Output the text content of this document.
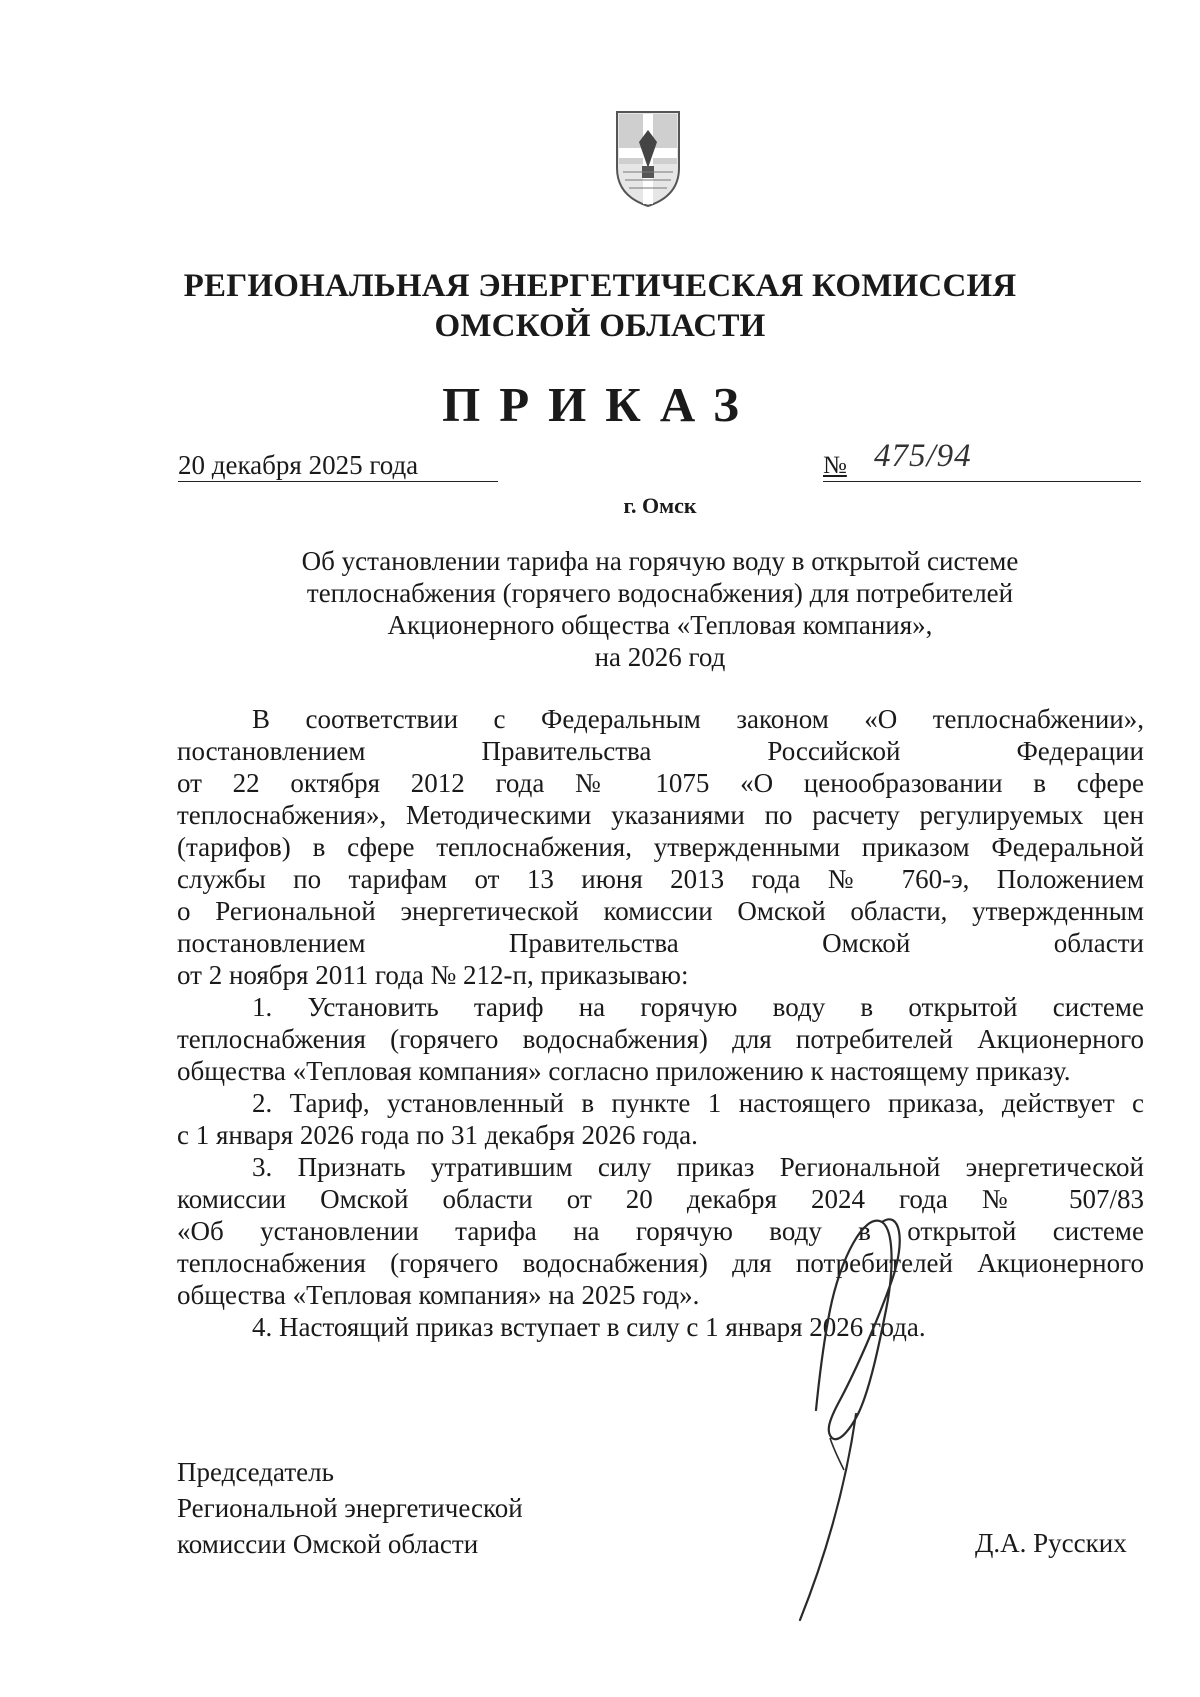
РЕГИОНАЛЬНАЯ ЭНЕРГЕТИЧЕСКАЯ КОМИССИЯ
ОМСКОЙ ОБЛАСТИ
ПРИКАЗ
20 декабря 2025 года	№ 475/94
г. Омск
Об установлении тарифа на горячую воду в открытой системе
теплоснабжения (горячего водоснабжения) для потребителей
Акционерного общества «Тепловая компания»,
на 2026 год
В соответствии с Федеральным законом «О теплоснабжении»,
постановлением Правительства Российской Федерации
от 22 октября 2012 года № 1075 «О ценообразовании в сфере
теплоснабжения», Методическими указаниями по расчету регулируемых цен
(тарифов) в сфере теплоснабжения, утвержденными приказом Федеральной
службы по тарифам от 13 июня 2013 года № 760-э, Положением
о Региональной энергетической комиссии Омской области, утвержденным
постановлением Правительства Омской области
от 2 ноября 2011 года № 212-п, приказываю:
1. Установить тариф на горячую воду в открытой системе
теплоснабжения (горячего водоснабжения) для потребителей Акционерного
общества «Тепловая компания» согласно приложению к настоящему приказу.
2. Тариф, установленный в пункте 1 настоящего приказа, действует с
с 1 января 2026 года по 31 декабря 2026 года.
3. Признать утратившим силу приказ Региональной энергетической
комиссии Омской области от 20 декабря 2024 года № 507/83
«Об установлении тарифа на горячую воду в открытой системе
теплоснабжения (горячего водоснабжения) для потребителей Акционерного
общества «Тепловая компания» на 2025 год».
4. Настоящий приказ вступает в силу с 1 января 2026 года.
Председатель
Региональной энергетической
комиссии Омской области	Д.А. Русских
